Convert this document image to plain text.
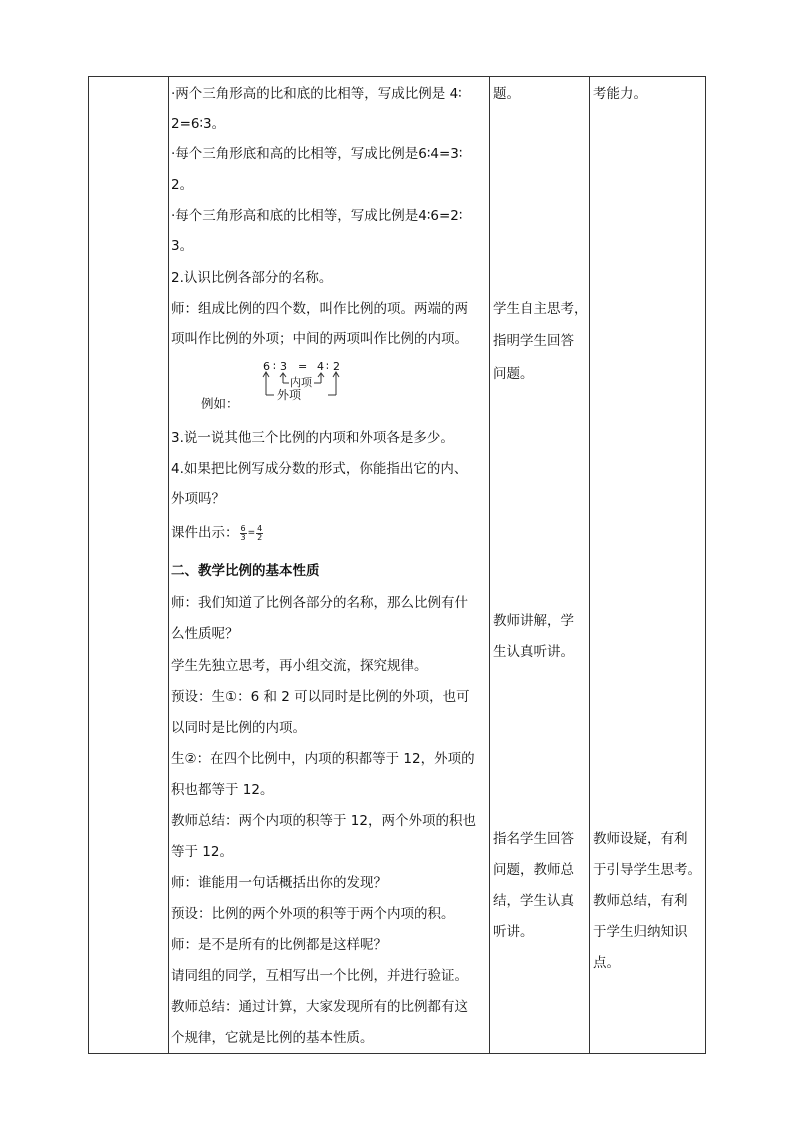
·两个三角形高的比和底的比相等，写成比例是 4∶
2=6∶3。
·每个三角形底和高的比相等，写成比例是6∶4=3∶
2。
·每个三角形高和底的比相等，写成比例是4∶6=2∶
3。
2.认识比例各部分的名称。
师：组成比例的四个数，叫作比例的项。两端的两
项叫作比例的外项；中间的两项叫作比例的内项。
6 ∶ 3 = 4 ∶ 2
内项
外项
例如：
3.说一说其他三个比例的内项和外项各是多少。
4.如果把比例写成分数的形式，你能指出它的内、
外项吗？
课件出示： $\frac{6}{3} = \frac{4}{2}$
二、教学比例的基本性质
师：我们知道了比例各部分的名称，那么比例有什
么性质呢？
学生先独立思考，再小组交流，探究规律。
预设：生①：6 和 2 可以同时是比例的外项，也可
以同时是比例的内项。
生②：在四个比例中，内项的积都等于 12，外项的
积也都等于 12。
教师总结：两个内项的积等于 12，两个外项的积也
等于 12。
师：谁能用一句话概括出你的发现？
预设：比例的两个外项的积等于两个内项的积。
师：是不是所有的比例都是这样呢？
请同组的同学，互相写出一个比例，并进行验证。
教师总结：通过计算，大家发现所有的比例都有这
个规律，它就是比例的基本性质。
题。
学生自主思考，
指明学生回答
问题。
教师讲解，学
生认真听讲。
指名学生回答
问题，教师总
结，学生认真
听讲。
考能力。
教师设疑，有利
于引导学生思考。
教师总结，有利
于学生归纳知识
点。
